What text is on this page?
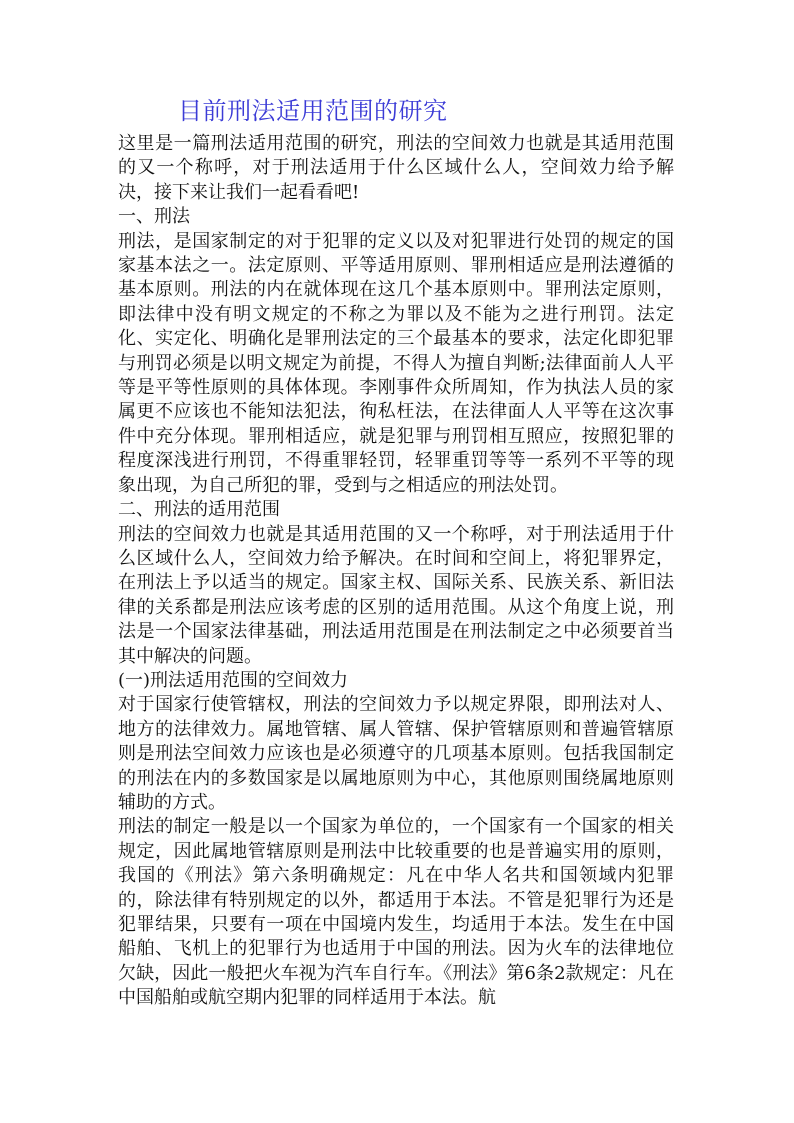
目前刑法适用范围的研究
这里是一篇刑法适用范围的研究，刑法的空间效力也就是其适用范围的又一个称呼，对于刑法适用于什么区域什么人，空间效力给予解决，接下来让我们一起看看吧!
一、刑法
刑法，是国家制定的对于犯罪的定义以及对犯罪进行处罚的规定的国家基本法之一。法定原则、平等适用原则、罪刑相适应是刑法遵循的基本原则。刑法的内在就体现在这几个基本原则中。罪刑法定原则，即法律中没有明文规定的不称之为罪以及不能为之进行刑罚。法定化、实定化、明确化是罪刑法定的三个最基本的要求，法定化即犯罪与刑罚必须是以明文规定为前提，不得人为擅自判断;法律面前人人平等是平等性原则的具体体现。李刚事件众所周知，作为执法人员的家属更不应该也不能知法犯法，徇私枉法，在法律面人人平等在这次事件中充分体现。罪刑相适应，就是犯罪与刑罚相互照应，按照犯罪的程度深浅进行刑罚，不得重罪轻罚，轻罪重罚等等一系列不平等的现象出现，为自己所犯的罪，受到与之相适应的刑法处罚。
二、刑法的适用范围
刑法的空间效力也就是其适用范围的又一个称呼，对于刑法适用于什么区域什么人，空间效力给予解决。在时间和空间上，将犯罪界定，在刑法上予以适当的规定。国家主权、国际关系、民族关系、新旧法律的关系都是刑法应该考虑的区别的适用范围。从这个角度上说，刑法是一个国家法律基础，刑法适用范围是在刑法制定之中必须要首当其中解决的问题。
(一)刑法适用范围的空间效力
对于国家行使管辖权，刑法的空间效力予以规定界限，即刑法对人、地方的法律效力。属地管辖、属人管辖、保护管辖原则和普遍管辖原则是刑法空间效力应该也是必须遵守的几项基本原则。包括我国制定的刑法在内的多数国家是以属地原则为中心，其他原则围绕属地原则辅助的方式。
刑法的制定一般是以一个国家为单位的，一个国家有一个国家的相关规定，因此属地管辖原则是刑法中比较重要的也是普遍实用的原则，我国的《刑法》第六条明确规定：凡在中华人名共和国领域内犯罪的，除法律有特别规定的以外，都适用于本法。不管是犯罪行为还是犯罪结果，只要有一项在中国境内发生，均适用于本法。发生在中国船舶、飞机上的犯罪行为也适用于中国的刑法。因为火车的法律地位欠缺，因此一般把火车视为汽车自行车。《刑法》第6条2款规定：凡在中国船舶或航空期内犯罪的同样适用于本法。航
